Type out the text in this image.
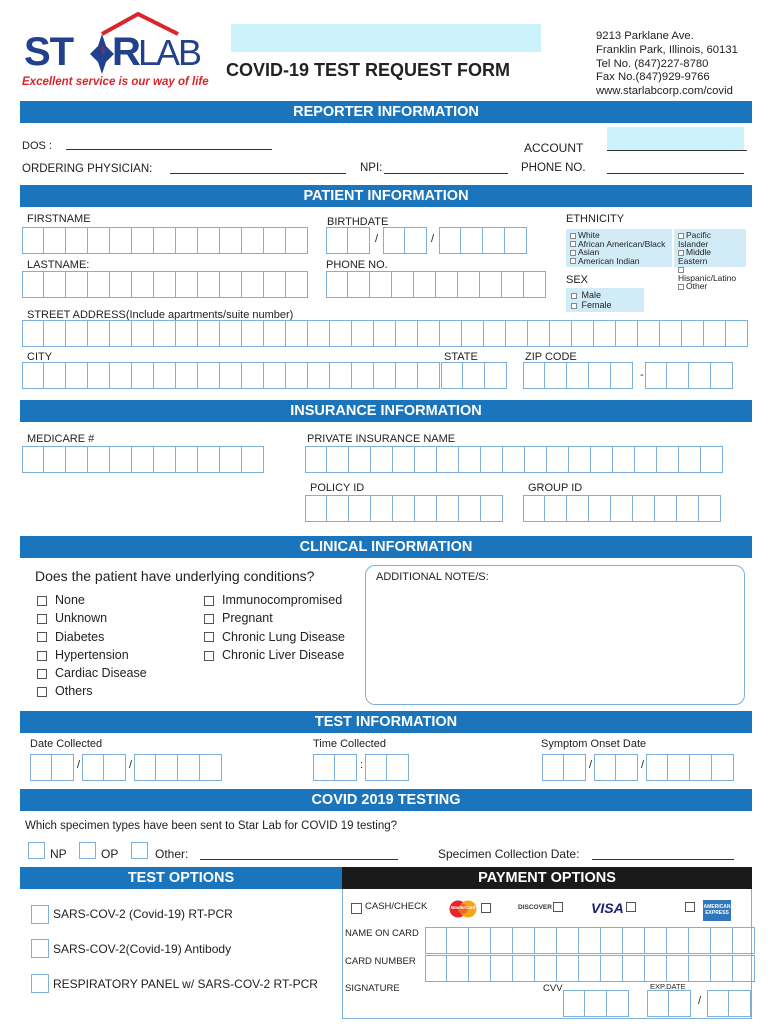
⚕
ST R
LAB
Excellent service is our way of life
COVID-19 TEST REQUEST FORM
9213 Parklane Ave.
Franklin Park, Illinois, 60131
Tel No. (847)227-8780
Fax No.(847)929-9766
www.starlabcorp.com/covid
REPORTER INFORMATION
DOS :	ACCOUNT
ORDERING PHYSICIAN:	NPI:	PHONE NO.
PATIENT INFORMATION
FIRSTNAME	BIRTHDATE
/	/
ETHNICITY
White
African American/Black
Asian
American Indian
Pacific Islander
Middle Eastern
Hispanic/Latino
Other
LASTNAME:	PHONE NO.
SEX
Male
Female
STREET ADDRESS(Include apartments/suite number)
CITY	STATE	ZIP CODE
-
INSURANCE INFORMATION
MEDICARE #	PRIVATE INSURANCE NAME
POLICY ID	GROUP ID
CLINICAL INFORMATION
Does the patient have underlying conditions?	ADDITIONAL NOTE/S:
None
Unknown
Diabetes
Hypertension
Cardiac Disease
Others
Immunocompromised
Pregnant
Chronic Lung Disease
Chronic Liver Disease
TEST INFORMATION
Date Collected
/	/
Time Collected
:
Symptom Onset Date
/	/
COVID 2019 TESTING
Which specimen types have been sent to Star Lab for COVID 19 testing?
NP	OP	Other:	Specimen Collection Date:
TEST OPTIONS	PAYMENT OPTIONS
SARS-COV-2 (Covid-19) RT-PCR
SARS-COV-2(Covid-19) Antibody
RESPIRATORY PANEL w/ SARS-COV-2 RT-PCR
CASH/CHECK	MasterCard	DISCOVER	VISA	AMERICAN EXPRESS
NAME ON CARD
CARD NUMBER
SIGNATURE	CVV	EXP.DATE
/
